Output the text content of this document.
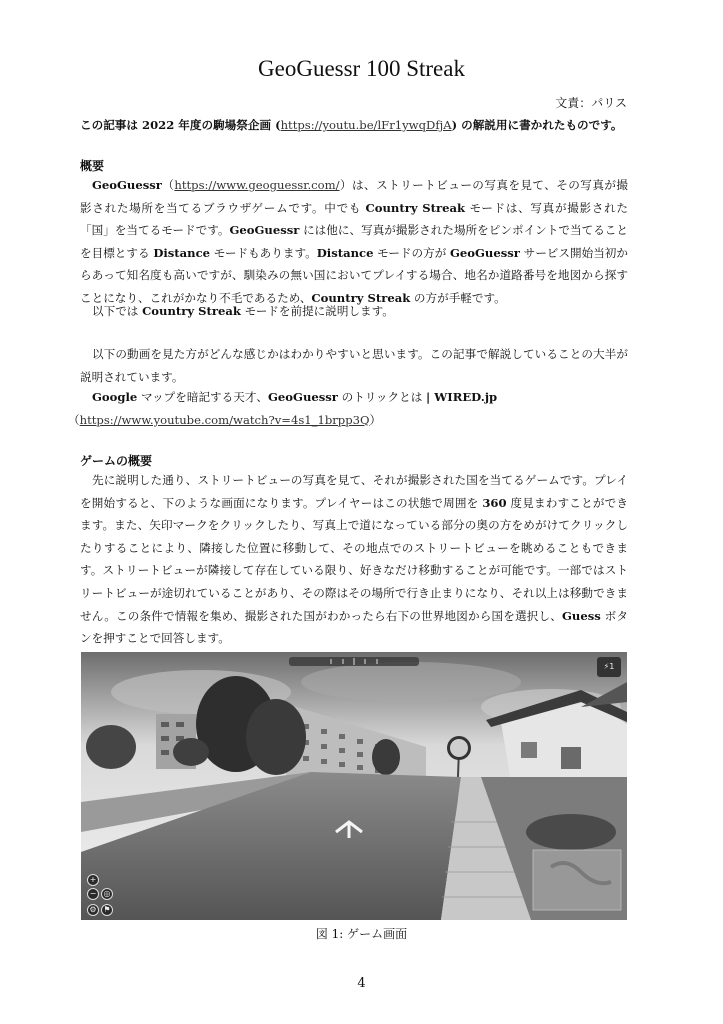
GeoGuessr 100 Streak
文責：パリス
この記事は 2022 年度の駒場祭企画 (https://youtu.be/lFr1ywqDfjA) の解説用に書かれたものです。
概要
GeoGuessr（https://www.geoguessr.com/）は、ストリートビューの写真を見て、その写真が撮影された場所を当てるブラウザゲームです。中でも Country Streak モードは、写真が撮影された「国」を当てるモードです。GeoGuessr には他に、写真が撮影された場所をピンポイントで当てることを目標とする Distance モードもあります。Distance モードの方が GeoGuessr サービス開始当初からあって知名度も高いですが、馴染みの無い国においてプレイする場合、地名か道路番号を地図から探すことになり、これがかなり不毛であるため、Country Streak の方が手軽です。
以下では Country Streak モードを前提に説明します。
以下の動画を見た方がどんな感じかはわかりやすいと思います。この記事で解説していることの大半が説明されています。
Google マップを暗記する天才、GeoGuessr のトリックとは | WIRED.jp
（https://www.youtube.com/watch?v=4s1_1brpp3Q）
ゲームの概要
先に説明した通り、ストリートビューの写真を見て、それが撮影された国を当てるゲームです。プレイを開始すると、下のような画面になります。プレイヤーはこの状態で周囲を 360 度見まわすことができます。また、矢印マークをクリックしたり、写真上で道になっている部分の奥の方をめがけてクリックしたりすることにより、隣接した位置に移動して、その地点でのストリートビューを眺めることもできます。ストリートビューが隣接して存在している限り、好きなだけ移動することが可能です。一部ではストリートビューが途切れていることがあり、その際はその場所で行き止まりになり、それ以上は移動できません。この条件で情報を集め、撮影された国がわかったら右下の世界地図から国を選択し、Guess ボタンを押すことで回答します。
⚡1
+
− ◎
⚙ ⚑
図 1: ゲーム画面
4
